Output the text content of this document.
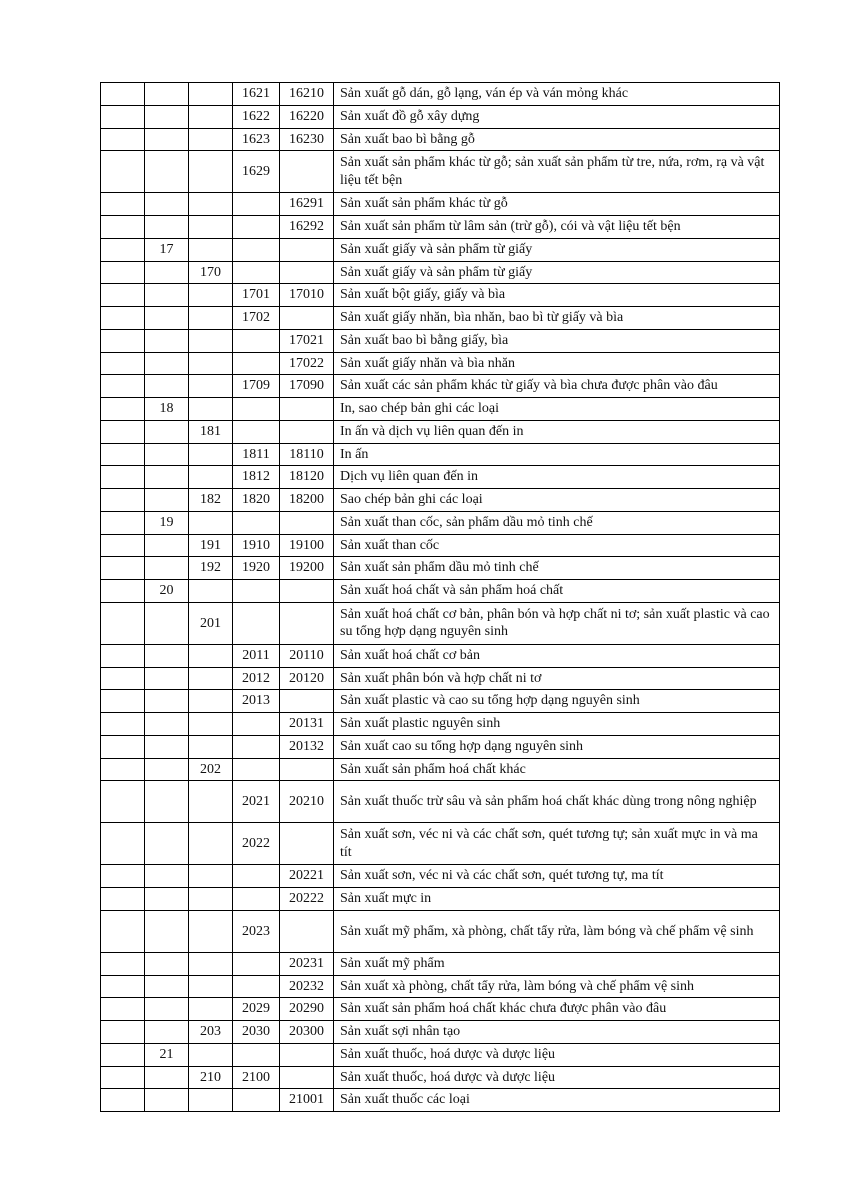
			1621	16210	Sản xuất gỗ dán, gỗ lạng, ván ép và ván mỏng khác
			1622	16220	Sản xuất đồ gỗ xây dựng
			1623	16230	Sản xuất bao bì bằng gỗ
			1629		Sản xuất sản phẩm khác từ gỗ; sản xuất sản phẩm từ tre, nứa, rơm, rạ và vật liệu tết bện
				16291	Sản xuất sản phẩm khác từ gỗ
				16292	Sản xuất sản phẩm từ lâm sản (trừ gỗ), cói và vật liệu tết bện
	17				Sản xuất giấy và sản phẩm từ giấy
		170			Sản xuất giấy và sản phẩm từ giấy
			1701	17010	Sản xuất bột giấy, giấy và bìa
			1702		Sản xuất giấy nhăn, bìa nhăn, bao bì từ giấy và bìa
				17021	Sản xuất bao bì bằng giấy, bìa
				17022	Sản xuất giấy nhăn và bìa nhăn
			1709	17090	Sản xuất các sản phẩm khác từ giấy và bìa chưa được phân vào đâu
	18				In, sao chép bản ghi các loại
		181			In ấn và dịch vụ liên quan đến in
			1811	18110	In ấn
			1812	18120	Dịch vụ liên quan đến in
		182	1820	18200	Sao chép bản ghi các loại
	19				Sản xuất than cốc, sản phẩm dầu mỏ tinh chế
		191	1910	19100	Sản xuất than cốc
		192	1920	19200	Sản xuất sản phẩm dầu mỏ tinh chế
	20				Sản xuất hoá chất và sản phẩm hoá chất
		201			Sản xuất hoá chất cơ bản, phân bón và hợp chất ni tơ; sản xuất plastic và cao su tổng hợp dạng nguyên sinh
			2011	20110	Sản xuất hoá chất cơ bản
			2012	20120	Sản xuất phân bón và hợp chất ni tơ
			2013		Sản xuất plastic và cao su tổng hợp dạng nguyên sinh
				20131	Sản xuất plastic nguyên sinh
				20132	Sản xuất cao su tổng hợp dạng nguyên sinh
		202			Sản xuất sản phẩm hoá chất khác
			2021	20210	Sản xuất thuốc trừ sâu và sản phẩm hoá chất khác dùng trong nông nghiệp
			2022		Sản xuất sơn, véc ni và các chất sơn, quét tương tự; sản xuất mực in và ma tít
				20221	Sản xuất sơn, véc ni và các chất sơn, quét tương tự, ma tít
				20222	Sản xuất mực in
			2023		Sản xuất mỹ phẩm, xà phòng, chất tẩy rửa, làm bóng và chế phẩm vệ sinh
				20231	Sản xuất mỹ phẩm
				20232	Sản xuất xà phòng, chất tẩy rửa, làm bóng và chế phẩm vệ sinh
			2029	20290	Sản xuất sản phẩm hoá chất khác chưa được phân vào đâu
		203	2030	20300	Sản xuất sợi nhân tạo
	21				Sản xuất thuốc, hoá dược và dược liệu
		210	2100		Sản xuất thuốc, hoá dược và dược liệu
				21001	Sản xuất thuốc các loại
